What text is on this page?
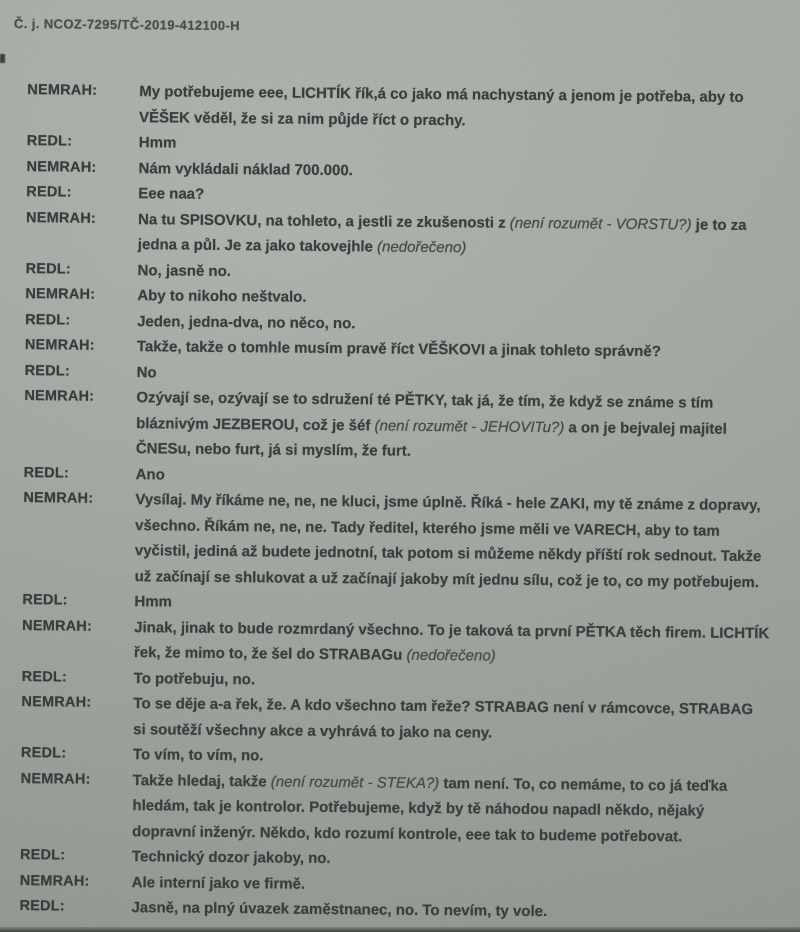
Č. j. NCOZ-7295/TČ-2019-412100-H
NEMRAH:	My potřebujeme eee, LICHTÍK řík,á co jako má nachystaný a jenom je potřeba, aby to VĚŠEK věděl, že si za nim půjde říct o prachy.
REDL:	Hmm
NEMRAH:	Nám vykládali náklad 700.000.
REDL:	Eee naa?
NEMRAH:	Na tu SPISOVKU, na tohleto, a jestli ze zkušenosti z (není rozumět - VORSTU?) je to za jedna a půl. Je za jako takovejhle (nedořečeno)
REDL:	No, jasně no.
NEMRAH:	Aby to nikoho neštvalo.
REDL:	Jeden, jedna-dva, no něco, no.
NEMRAH:	Takže, takže o tomhle musím pravě říct VĚŠKOVI a jinak tohleto správně?
REDL:	No
NEMRAH:	Ozývají se, ozývají se to sdružení té PĚTKY, tak já, že tím, že když se známe s tím bláznivým JEZBEROU, což je šéf (není rozumět - JEHOVITu?) a on je bejvalej majitel ČNESu, nebo furt, já si myslím, že furt.
REDL:	Ano
NEMRAH:	Vysílaj. My říkáme ne, ne, ne kluci, jsme úplně. Říká - hele ZAKI, my tě známe z dopravy, všechno. Říkám ne, ne, ne. Tady ředitel, kterého jsme měli ve VARECH, aby to tam vyčistil, jediná až budete jednotní, tak potom si můžeme někdy příští rok sednout. Takže už začínají se shlukovat a už začínají jakoby mít jednu sílu, což je to, co my potřebujem.
REDL:	Hmm
NEMRAH:	Jinak, jinak to bude rozmrdaný všechno. To je taková ta první PĚTKA těch firem. LICHTÍK řek, že mimo to, že šel do STRABAGu (nedořečeno)
REDL:	To potřebuju, no.
NEMRAH:	To se děje a-a řek, že. A kdo všechno tam řeže? STRABAG není v rámcovce, STRABAG si soutěží všechny akce a vyhrává to jako na ceny.
REDL:	To vím, to vím, no.
NEMRAH:	Takže hledaj, takže (není rozumět - STEKA?) tam není. To, co nemáme, to co já teďka hledám, tak je kontrolor. Potřebujeme, když by tě náhodou napadl někdo, nějaký dopravní inženýr. Někdo, kdo rozumí kontrole, eee tak to budeme potřebovat.
REDL:	Technický dozor jakoby, no.
NEMRAH:	Ale interní jako ve firmě.
REDL:	Jasně, na plný úvazek zaměstnanec, no. To nevím, ty vole.
